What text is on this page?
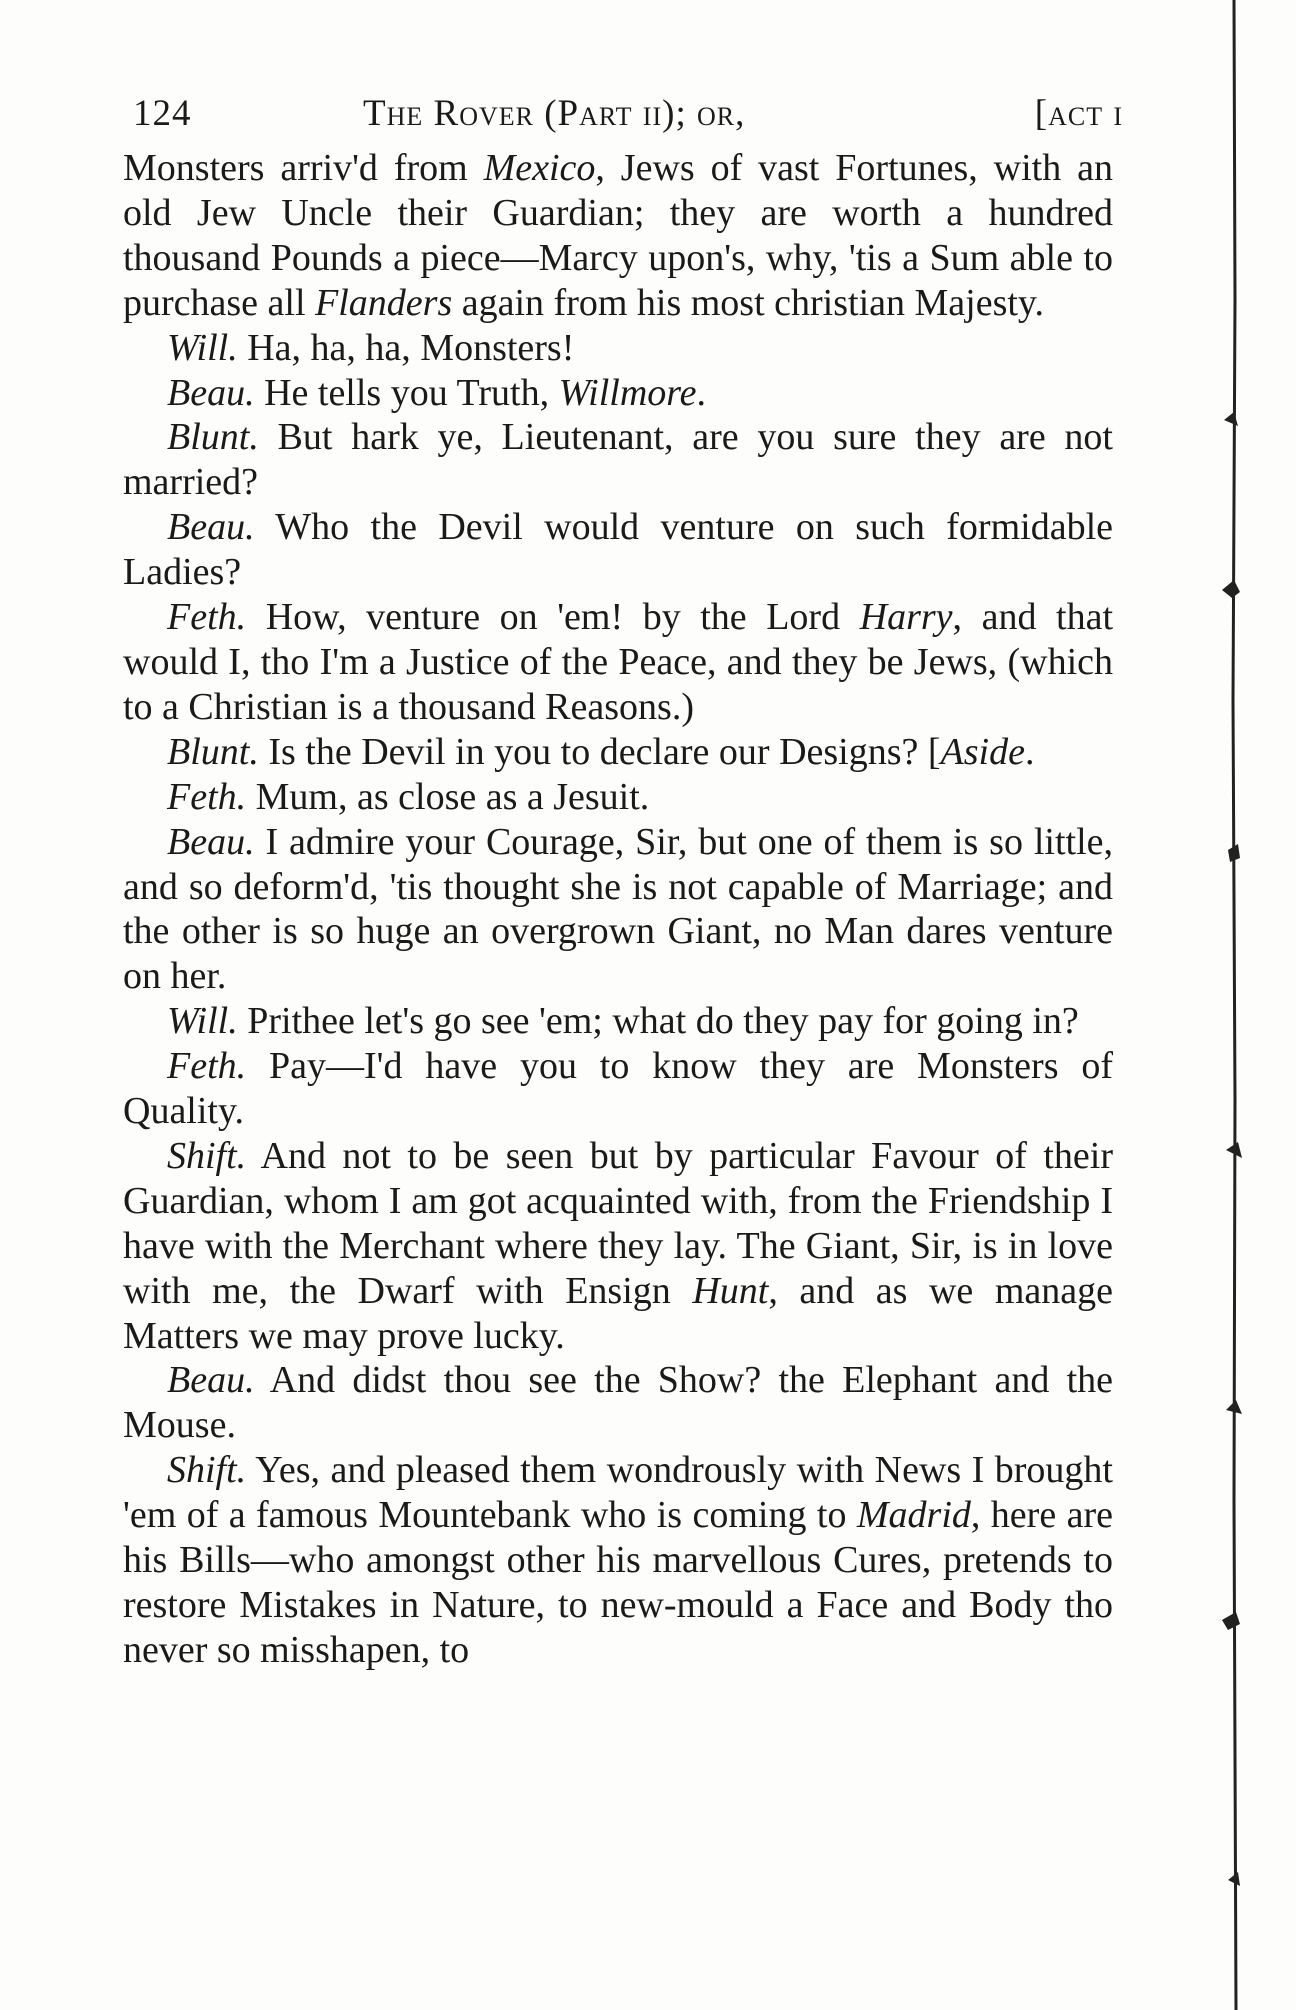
124	The Rover (Part ii); or,	[act i

Monsters arriv'd from Mexico, Jews of vast Fortunes, with an old Jew Uncle their Guardian; they are worth a hundred thousand Pounds a piece—Marcy upon's, why, 'tis a Sum able to purchase all Flanders again from his most christian Majesty.

Will. Ha, ha, ha, Monsters!

Beau. He tells you Truth, Willmore.

Blunt. But hark ye, Lieutenant, are you sure they are not married?

Beau. Who the Devil would venture on such formidable Ladies?

Feth. How, venture on 'em! by the Lord Harry, and that would I, tho I'm a Justice of the Peace, and they be Jews, (which to a Christian is a thousand Reasons.)

Blunt. Is the Devil in you to declare our Designs? [Aside.

Feth. Mum, as close as a Jesuit.

Beau. I admire your Courage, Sir, but one of them is so little, and so deform'd, 'tis thought she is not capable of Marriage; and the other is so huge an overgrown Giant, no Man dares venture on her.

Will. Prithee let's go see 'em; what do they pay for going in?

Feth. Pay—I'd have you to know they are Monsters of Quality.

Shift. And not to be seen but by particular Favour of their Guardian, whom I am got acquainted with, from the Friendship I have with the Merchant where they lay. The Giant, Sir, is in love with me, the Dwarf with Ensign Hunt, and as we manage Matters we may prove lucky.

Beau. And didst thou see the Show? the Elephant and the Mouse.

Shift. Yes, and pleased them wondrously with News I brought 'em of a famous Mountebank who is coming to Madrid, here are his Bills—who amongst other his marvellous Cures, pretends to restore Mistakes in Nature, to new-mould a Face and Body tho never so misshapen, to
